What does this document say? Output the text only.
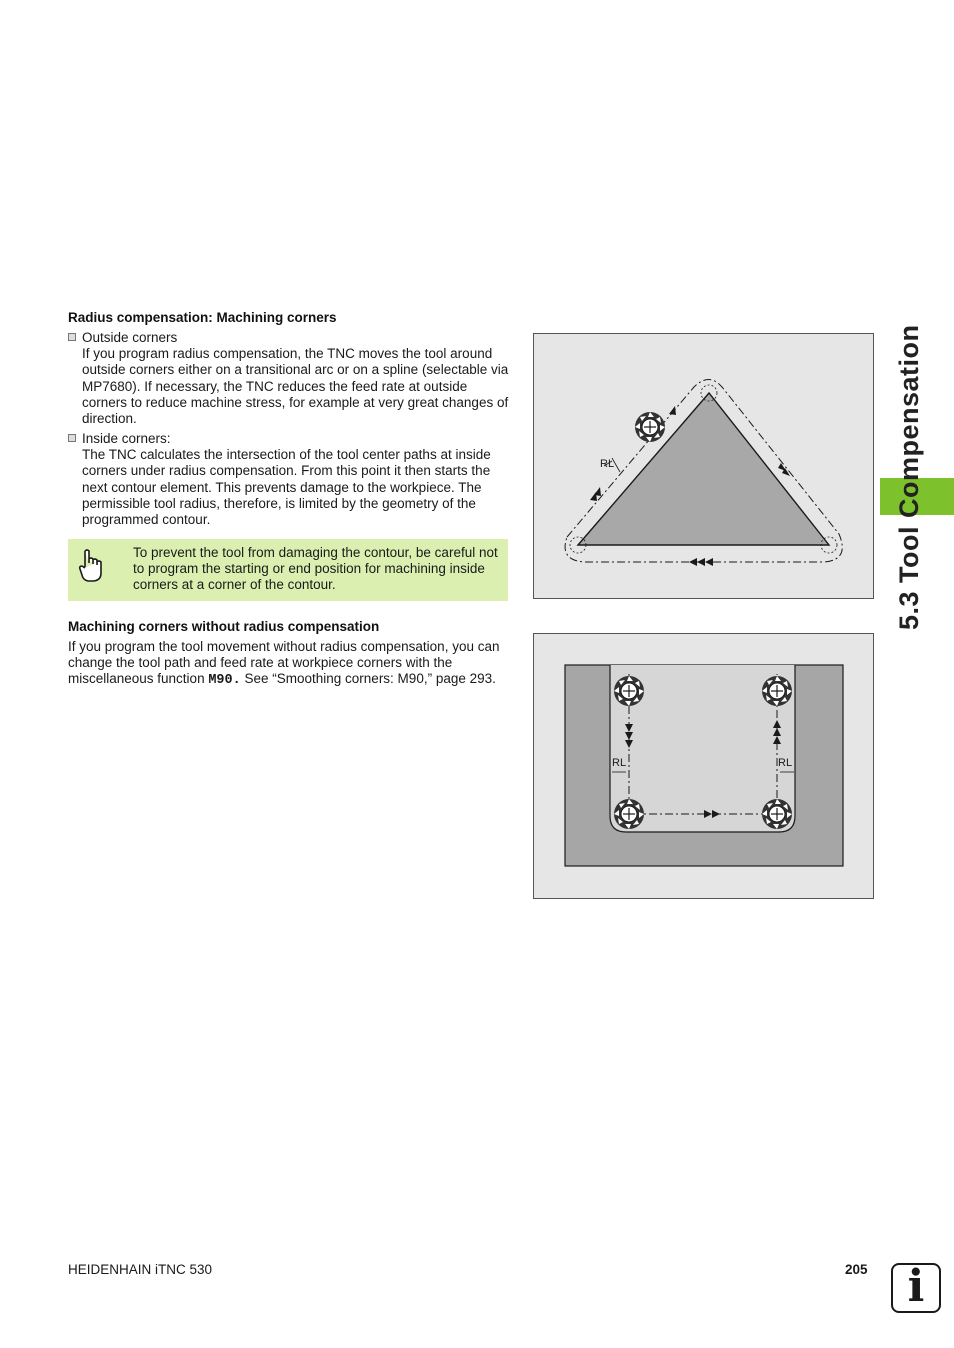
Radius compensation: Machining corners
Outside corners
If you program radius compensation, the TNC moves the tool around outside corners either on a transitional arc or on a spline (selectable via MP7680). If necessary, the TNC reduces the feed rate at outside corners to reduce machine stress, for example at very great changes of direction.
Inside corners:
The TNC calculates the intersection of the tool center paths at inside corners under radius compensation. From this point it then starts the next contour element. This prevents damage to the workpiece. The permissible tool radius, therefore, is limited by the geometry of the programmed contour.
To prevent the tool from damaging the contour, be careful not to program the starting or end position for machining inside corners at a corner of the contour.
Machining corners without radius compensation
If you program the tool movement without radius compensation, you can change the tool path and feed rate at workpiece corners with the miscellaneous function M90. See “Smoothing corners: M90,” page 293.
RL
RL	RL
5.3 Tool Compensation
HEIDENHAIN iTNC 530	205 i
